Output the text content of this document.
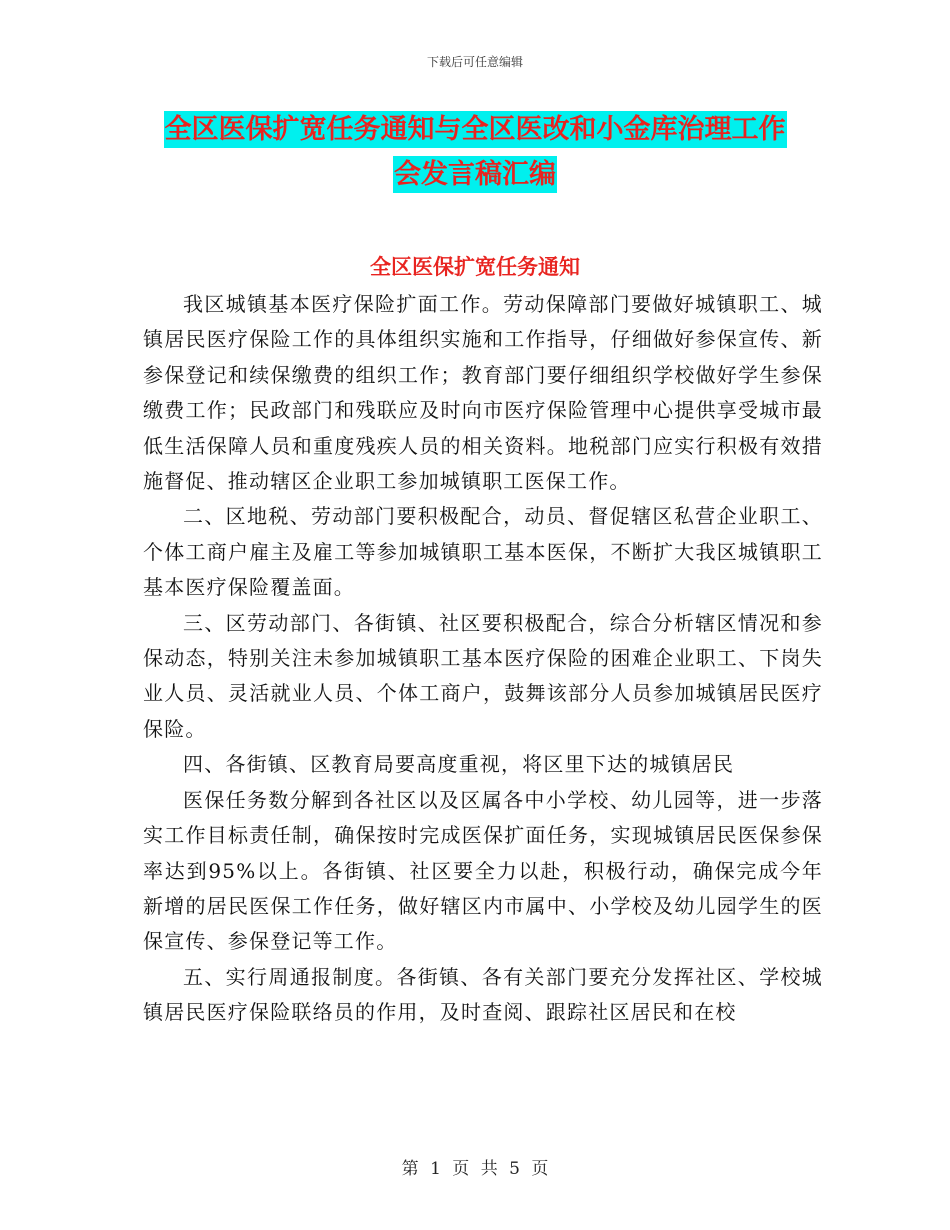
下载后可任意编辑
全区医保扩宽任务通知与全区医改和小金库治理工作
会发言稿汇编
全区医保扩宽任务通知

我区城镇基本医疗保险扩面工作。劳动保障部门要做好城镇职工、城镇居民医疗保险工作的具体组织实施和工作指导，仔细做好参保宣传、新参保登记和续保缴费的组织工作；教育部门要仔细组织学校做好学生参保缴费工作；民政部门和残联应及时向市医疗保险管理中心提供享受城市最低生活保障人员和重度残疾人员的相关资料。地税部门应实行积极有效措施督促、推动辖区企业职工参加城镇职工医保工作。

二、区地税、劳动部门要积极配合，动员、督促辖区私营企业职工、个体工商户雇主及雇工等参加城镇职工基本医保，不断扩大我区城镇职工基本医疗保险覆盖面。

三、区劳动部门、各街镇、社区要积极配合，综合分析辖区情况和参保动态，特别关注未参加城镇职工基本医疗保险的困难企业职工、下岗失业人员、灵活就业人员、个体工商户，鼓舞该部分人员参加城镇居民医疗保险。

四、各街镇、区教育局要高度重视，将区里下达的城镇居民

医保任务数分解到各社区以及区属各中小学校、幼儿园等，进一步落实工作目标责任制，确保按时完成医保扩面任务，实现城镇居民医保参保率达到95%以上。各街镇、社区要全力以赴，积极行动，确保完成今年新增的居民医保工作任务，做好辖区内市属中、小学校及幼儿园学生的医保宣传、参保登记等工作。

五、实行周通报制度。各街镇、各有关部门要充分发挥社区、学校城镇居民医疗保险联络员的作用，及时查阅、跟踪社区居民和在校

第 1 页 共 5 页
